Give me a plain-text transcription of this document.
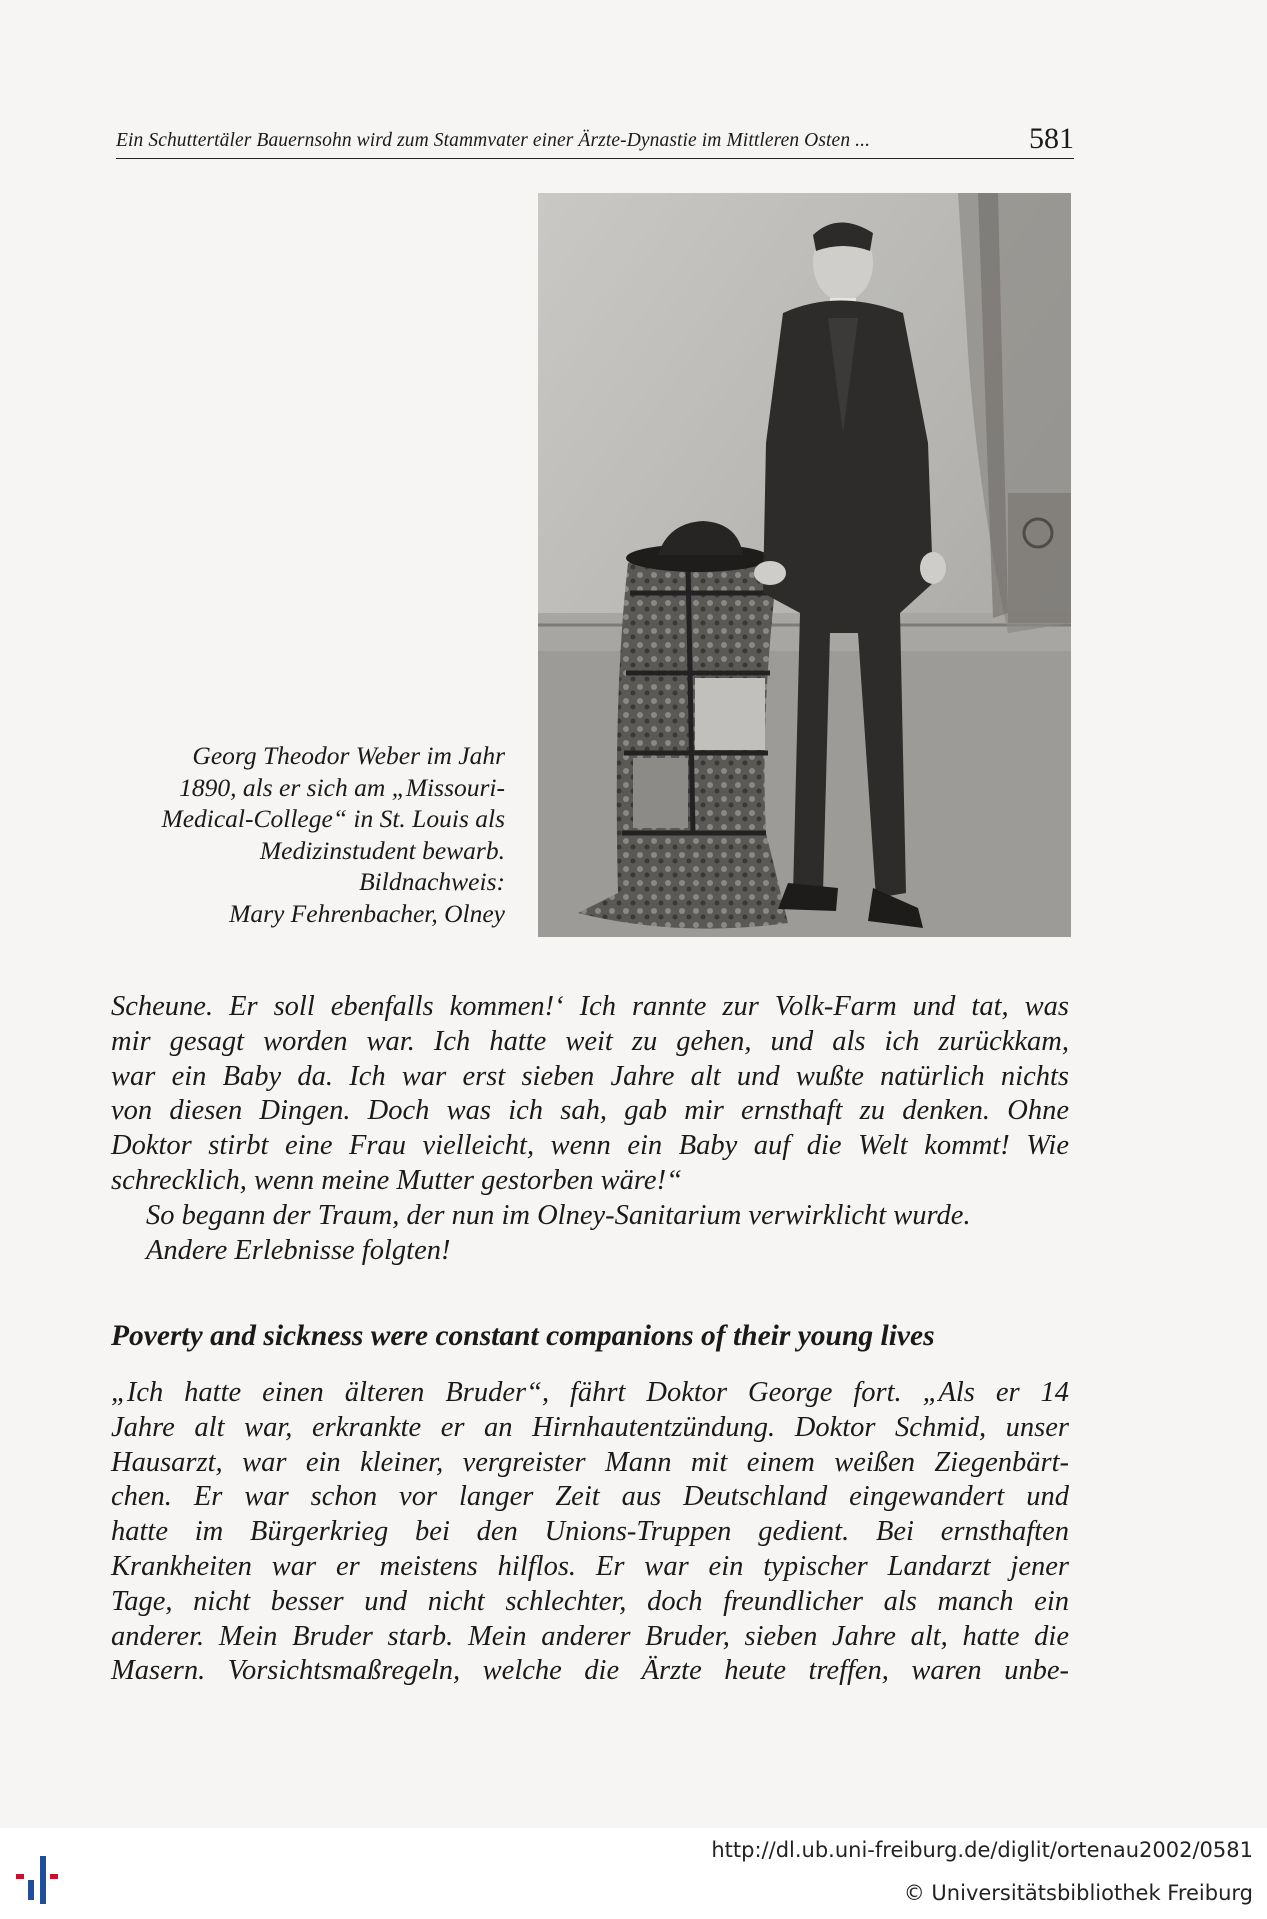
Ein Schuttertäler Bauernsohn wird zum Stammvater einer Ärzte-Dynastie im Mittleren Osten ...	581
Georg Theodor Weber im Jahr
1890, als er sich am „Missouri-
Medical-College“ in St. Louis als
Medizinstudent bewarb.
Bildnachweis:
Mary Fehrenbacher, Olney
Scheune. Er soll ebenfalls kommen!‘ Ich rannte zur Volk-Farm und tat, was
mir gesagt worden war. Ich hatte weit zu gehen, und als ich zurückkam,
war ein Baby da. Ich war erst sieben Jahre alt und wußte natürlich nichts
von diesen Dingen. Doch was ich sah, gab mir ernsthaft zu denken. Ohne
Doktor stirbt eine Frau vielleicht, wenn ein Baby auf die Welt kommt! Wie
schrecklich, wenn meine Mutter gestorben wäre!“
So begann der Traum, der nun im Olney-Sanitarium verwirklicht wurde.
Andere Erlebnisse folgten!
Poverty and sickness were constant companions of their young lives
„Ich hatte einen älteren Bruder“, fährt Doktor George fort. „Als er 14
Jahre alt war, erkrankte er an Hirnhautentzündung. Doktor Schmid, unser
Hausarzt, war ein kleiner, vergreister Mann mit einem weißen Ziegenbärt-
chen. Er war schon vor langer Zeit aus Deutschland eingewandert und
hatte im Bürgerkrieg bei den Unions-Truppen gedient. Bei ernsthaften
Krankheiten war er meistens hilflos. Er war ein typischer Landarzt jener
Tage, nicht besser und nicht schlechter, doch freundlicher als manch ein
anderer. Mein Bruder starb. Mein anderer Bruder, sieben Jahre alt, hatte die
Masern. Vorsichtsmaßregeln, welche die Ärzte heute treffen, waren unbe-
http://dl.ub.uni-freiburg.de/diglit/ortenau2002/0581
© Universitätsbibliothek Freiburg
